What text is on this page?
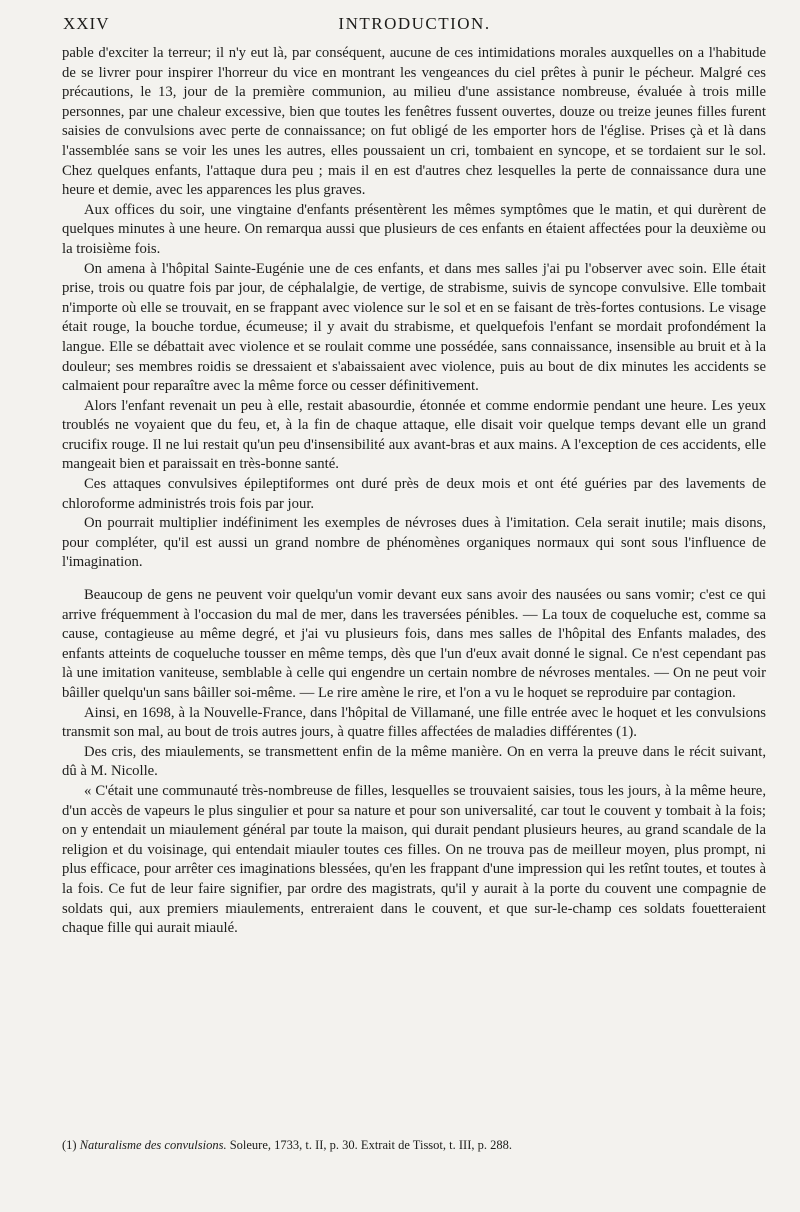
XXIV	INTRODUCTION.

pable d'exciter la terreur; il n'y eut là, par conséquent, aucune de ces intimidations morales auxquelles on a l'habitude de se livrer pour inspirer l'horreur du vice en montrant les vengeances du ciel prêtes à punir le pécheur. Malgré ces précautions, le 13, jour de la première communion, au milieu d'une assistance nombreuse, évaluée à trois mille personnes, par une chaleur excessive, bien que toutes les fenêtres fussent ouvertes, douze ou treize jeunes filles furent saisies de convulsions avec perte de connaissance; on fut obligé de les emporter hors de l'église. Prises çà et là dans l'assemblée sans se voir les unes les autres, elles poussaient un cri, tombaient en syncope, et se tordaient sur le sol. Chez quelques enfants, l'attaque dura peu ; mais il en est d'autres chez lesquelles la perte de connaissance dura une heure et demie, avec les apparences les plus graves.

Aux offices du soir, une vingtaine d'enfants présentèrent les mêmes symptômes que le matin, et qui durèrent de quelques minutes à une heure. On remarqua aussi que plusieurs de ces enfants en étaient affectées pour la deuxième ou la troisième fois.

On amena à l'hôpital Sainte-Eugénie une de ces enfants, et dans mes salles j'ai pu l'observer avec soin. Elle était prise, trois ou quatre fois par jour, de céphalalgie, de vertige, de strabisme, suivis de syncope convulsive. Elle tombait n'importe où elle se trouvait, en se frappant avec violence sur le sol et en se faisant de très-fortes contusions. Le visage était rouge, la bouche tordue, écumeuse; il y avait du strabisme, et quelquefois l'enfant se mordait profondément la langue. Elle se débattait avec violence et se roulait comme une possédée, sans connaissance, insensible au bruit et à la douleur; ses membres roidis se dressaient et s'abaissaient avec violence, puis au bout de dix minutes les accidents se calmaient pour reparaître avec la même force ou cesser définitivement.

Alors l'enfant revenait un peu à elle, restait abasourdie, étonnée et comme endormie pendant une heure. Les yeux troublés ne voyaient que du feu, et, à la fin de chaque attaque, elle disait voir quelque temps devant elle un grand crucifix rouge. Il ne lui restait qu'un peu d'insensibilité aux avant-bras et aux mains. A l'exception de ces accidents, elle mangeait bien et paraissait en très-bonne santé.

Ces attaques convulsives épileptiformes ont duré près de deux mois et ont été guéries par des lavements de chloroforme administrés trois fois par jour.

On pourrait multiplier indéfiniment les exemples de névroses dues à l'imitation. Cela serait inutile; mais disons, pour compléter, qu'il est aussi un grand nombre de phénomènes organiques normaux qui sont sous l'influence de l'imagination.

Beaucoup de gens ne peuvent voir quelqu'un vomir devant eux sans avoir des nausées ou sans vomir; c'est ce qui arrive fréquemment à l'occasion du mal de mer, dans les traversées pénibles. — La toux de coqueluche est, comme sa cause, contagieuse au même degré, et j'ai vu plusieurs fois, dans mes salles de l'hôpital des Enfants malades, des enfants atteints de coqueluche tousser en même temps, dès que l'un d'eux avait donné le signal. Ce n'est cependant pas là une imitation vaniteuse, semblable à celle qui engendre un certain nombre de névroses mentales. — On ne peut voir bâiller quelqu'un sans bâiller soi-même. — Le rire amène le rire, et l'on a vu le hoquet se reproduire par contagion.

Ainsi, en 1698, à la Nouvelle-France, dans l'hôpital de Villamané, une fille entrée avec le hoquet et les convulsions transmit son mal, au bout de trois autres jours, à quatre filles affectées de maladies différentes (1).

Des cris, des miaulements, se transmettent enfin de la même manière. On en verra la preuve dans le récit suivant, dû à M. Nicolle.

« C'était une communauté très-nombreuse de filles, lesquelles se trouvaient saisies, tous les jours, à la même heure, d'un accès de vapeurs le plus singulier et pour sa nature et pour son universalité, car tout le couvent y tombait à la fois; on y entendait un miaulement général par toute la maison, qui durait pendant plusieurs heures, au grand scandale de la religion et du voisinage, qui entendait miauler toutes ces filles. On ne trouva pas de meilleur moyen, plus prompt, ni plus efficace, pour arrêter ces imaginations blessées, qu'en les frappant d'une impression qui les retînt toutes, et toutes à la fois. Ce fut de leur faire signifier, par ordre des magistrats, qu'il y aurait à la porte du couvent une compagnie de soldats qui, aux premiers miaulements, entreraient dans le couvent, et que sur-le-champ ces soldats fouetteraient chaque fille qui aurait miaulé.

(1) Naturalisme des convulsions. Soleure, 1733, t. II, p. 30. Extrait de Tissot, t. III, p. 288.
